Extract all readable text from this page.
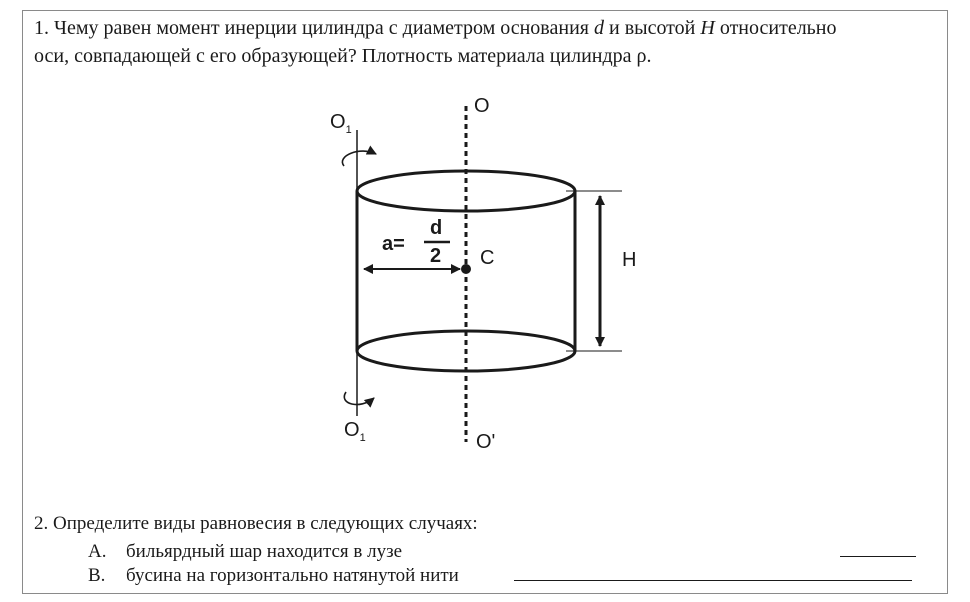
1. Чему равен момент инерции цилиндра с диаметром основания d и высотой H относительно
оси, совпадающей с его образующей? Плотность материала цилиндра ρ.
O
$O_1$
$O_1$	O'
a=
d
2 C	H
2. Определите виды равновесия в следующих случаях:
А. бильярдный шар находится в лузе
В. бусина на горизонтально натянутой нити
